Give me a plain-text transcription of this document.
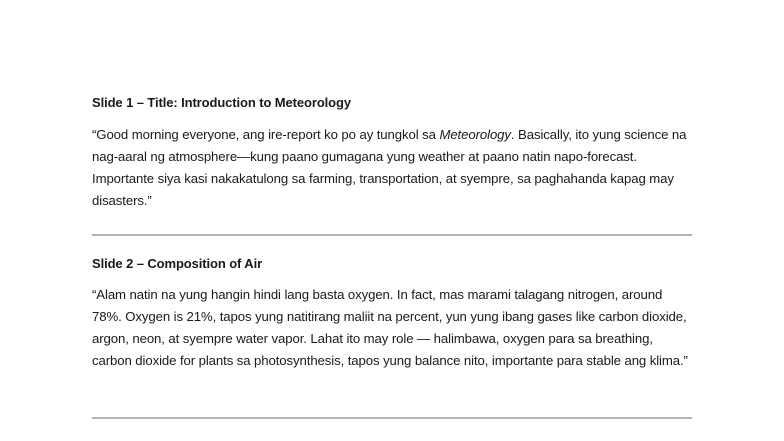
Slide 1 – Title: Introduction to Meteorology

“Good morning everyone, ang ire-report ko po ay tungkol sa Meteorology. Basically, ito yung science na nag-aaral ng atmosphere—kung paano gumagana yung weather at paano natin napo-forecast. Importante siya kasi nakakatulong sa farming, transportation, at syempre, sa paghahanda kapag may disasters.”

Slide 2 – Composition of Air

“Alam natin na yung hangin hindi lang basta oxygen. In fact, mas marami talagang nitrogen, around 78%. Oxygen is 21%, tapos yung natitirang maliit na percent, yun yung ibang gases like carbon dioxide, argon, neon, at syempre water vapor. Lahat ito may role — halimbawa, oxygen para sa breathing, carbon dioxide for plants sa photosynthesis, tapos yung balance nito, importante para stable ang klima.”
